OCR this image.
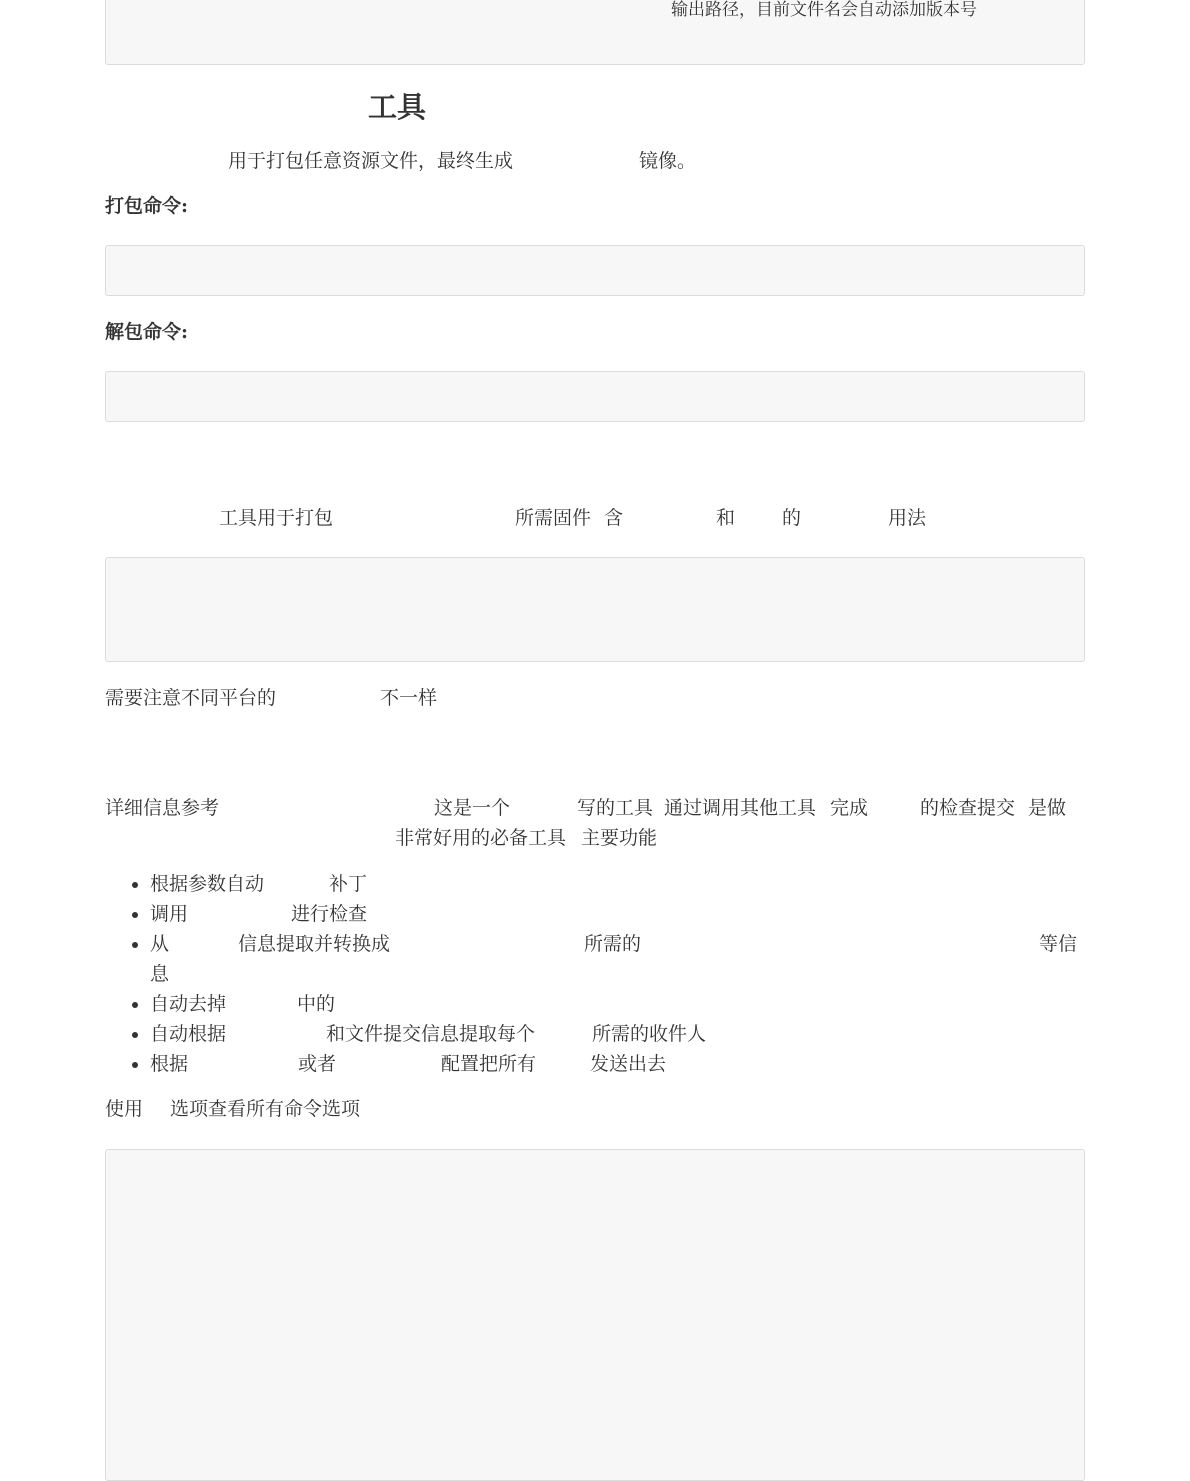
输出路径，目前文件名会自动添加版本号
工具
用于打包任意资源文件，最终生成	镜像。
打包命令:
解包命令:
工具用于打包	所需固件 含	和 的	用法
需要注意不同平台的	不一样
详细信息参考	这是一个	写的工具 通过调用其他工具 完成	的检查提交 是做
非常好用的必备工具 主要功能
• 根据参数自动	补丁
• 调用	进行检查
• 从	信息提取并转换成	所需的	等信
息
• 自动去掉	中的
• 自动根据	和文件提交信息提取每个	所需的收件人
• 根据	或者	配置把所有	发送出去
使用 选项查看所有命令选项
